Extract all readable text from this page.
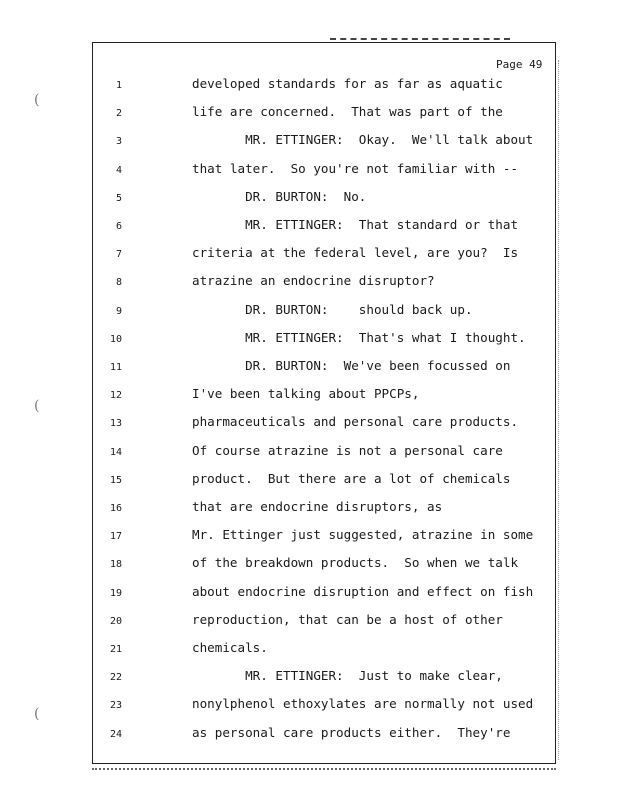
(
(
(
Page 49
1	developed standards for as far as aquatic
2	life are concerned.  That was part of the
3	MR. ETTINGER:  Okay.  We'll talk about
4	that later.  So you're not familiar with --
5	DR. BURTON:  No.
6	MR. ETTINGER:  That standard or that
7	criteria at the federal level, are you?  Is
8	atrazine an endocrine disruptor?
9	DR. BURTON:    should back up.
10	MR. ETTINGER:  That's what I thought.
11	DR. BURTON:  We've been focussed on
12	I've been talking about PPCPs,
13	pharmaceuticals and personal care products.
14	Of course atrazine is not a personal care
15	product.  But there are a lot of chemicals
16	that are endocrine disruptors, as
17	Mr. Ettinger just suggested, atrazine in some
18	of the breakdown products.  So when we talk
19	about endocrine disruption and effect on fish
20	reproduction, that can be a host of other
21	chemicals.
22	MR. ETTINGER:  Just to make clear,
23	nonylphenol ethoxylates are normally not used
24	as personal care products either.  They're
